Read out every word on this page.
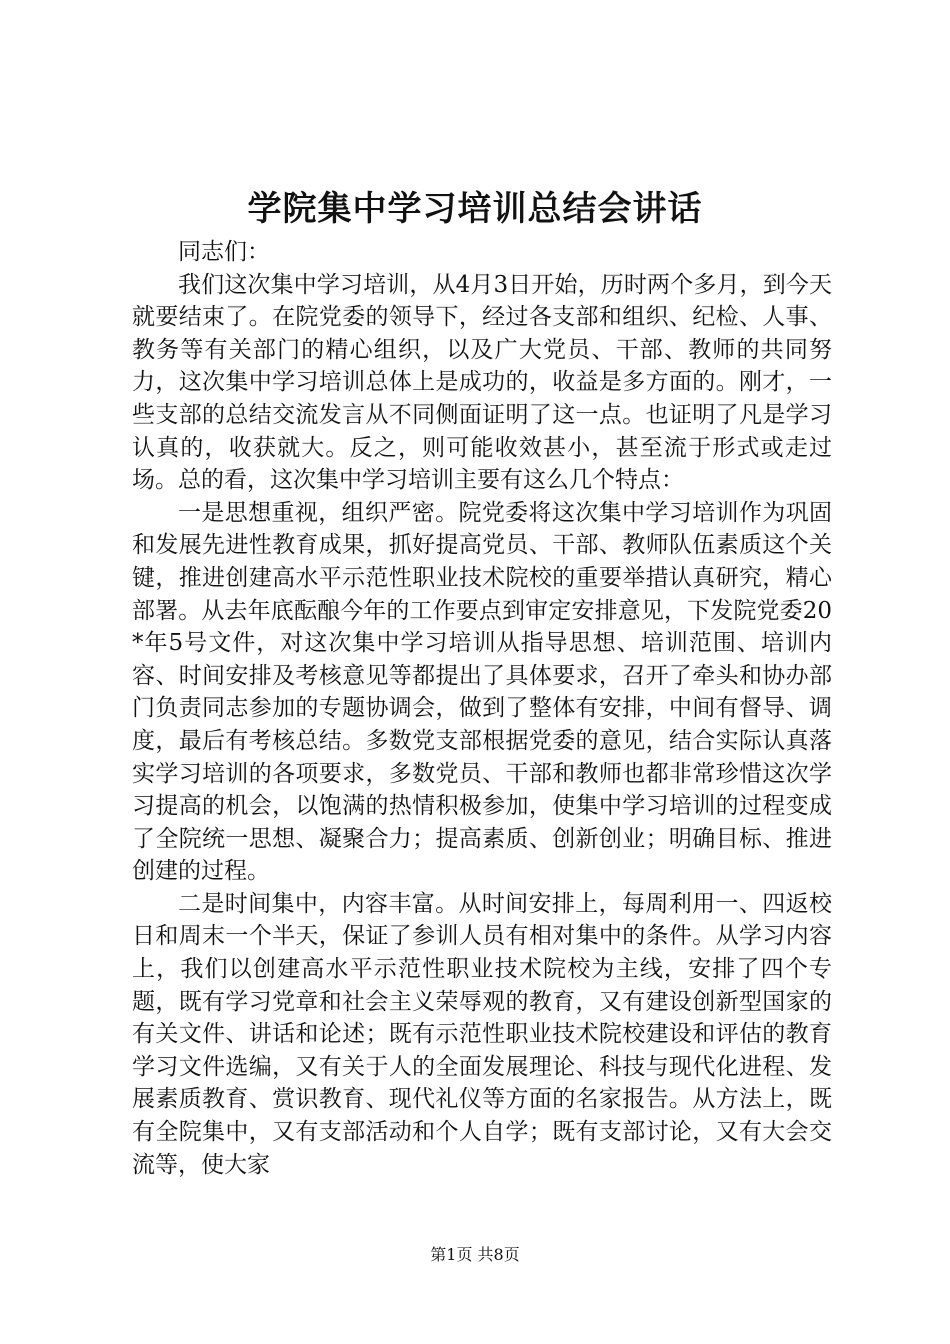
学院集中学习培训总结会讲话

同志们：

我们这次集中学习培训，从4月3日开始，历时两个多月，到今天就要结束了。在院党委的领导下，经过各支部和组织、纪检、人事、教务等有关部门的精心组织，以及广大党员、干部、教师的共同努力，这次集中学习培训总体上是成功的，收益是多方面的。刚才，一些支部的总结交流发言从不同侧面证明了这一点。也证明了凡是学习认真的，收获就大。反之，则可能收效甚小，甚至流于形式或走过场。总的看，这次集中学习培训主要有这么几个特点：

一是思想重视，组织严密。院党委将这次集中学习培训作为巩固和发展先进性教育成果，抓好提高党员、干部、教师队伍素质这个关键，推进创建高水平示范性职业技术院校的重要举措认真研究，精心部署。从去年底酝酿今年的工作要点到审定安排意见，下发院党委20*年5号文件，对这次集中学习培训从指导思想、培训范围、培训内容、时间安排及考核意见等都提出了具体要求，召开了牵头和协办部门负责同志参加的专题协调会，做到了整体有安排，中间有督导、调度，最后有考核总结。多数党支部根据党委的意见，结合实际认真落实学习培训的各项要求，多数党员、干部和教师也都非常珍惜这次学习提高的机会，以饱满的热情积极参加，使集中学习培训的过程变成了全院统一思想、凝聚合力；提高素质、创新创业；明确目标、推进创建的过程。

二是时间集中，内容丰富。从时间安排上，每周利用一、四返校日和周末一个半天，保证了参训人员有相对集中的条件。从学习内容上，我们以创建高水平示范性职业技术院校为主线，安排了四个专题，既有学习党章和社会主义荣辱观的教育，又有建设创新型国家的有关文件、讲话和论述；既有示范性职业技术院校建设和评估的教育学习文件选编，又有关于人的全面发展理论、科技与现代化进程、发展素质教育、赏识教育、现代礼仪等方面的名家报告。从方法上，既有全院集中，又有支部活动和个人自学；既有支部讨论，又有大会交流等，使大家

第1页 共8页
